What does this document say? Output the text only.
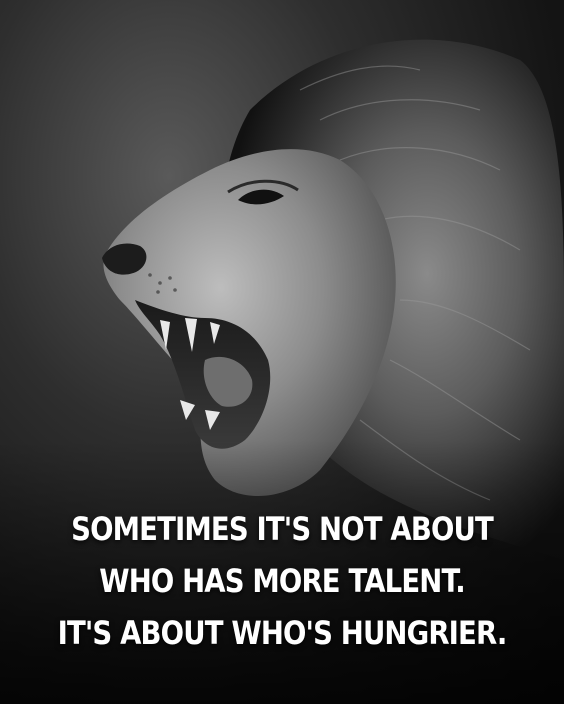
SOMETIMES IT'S NOT ABOUT
WHO HAS MORE TALENT.
IT'S ABOUT WHO'S HUNGRIER.
